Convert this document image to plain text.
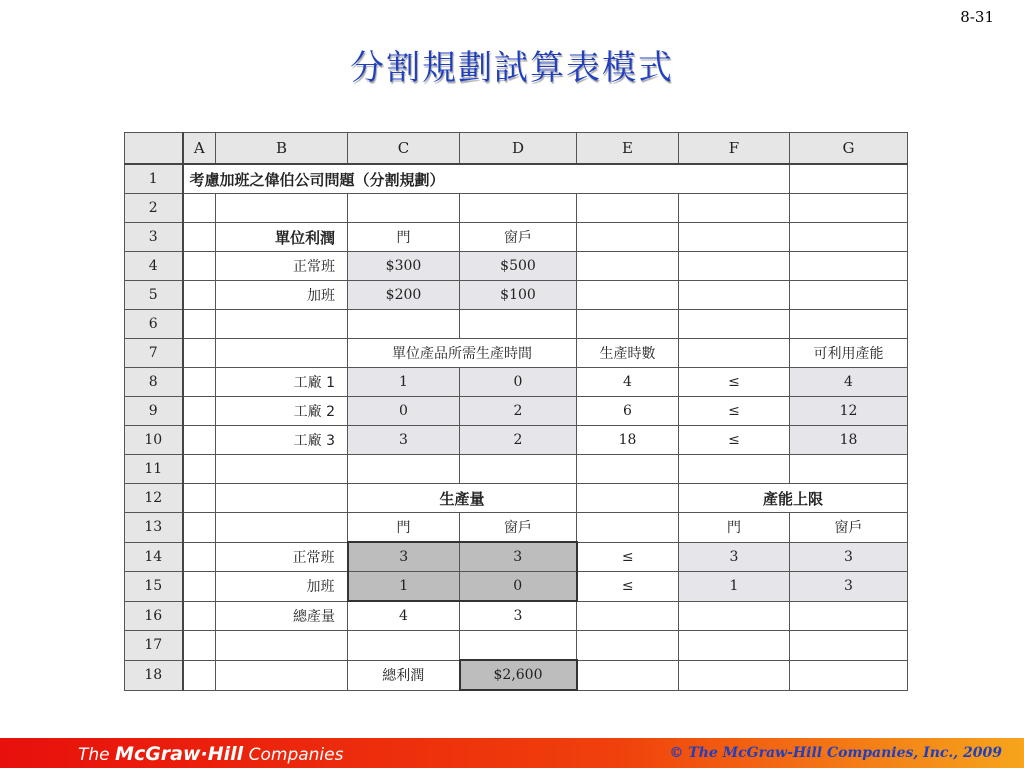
8-31
分割規劃試算表模式
	A	B	C	D	E	F	G
1	考慮加班之偉伯公司問題（分割規劃）						
2							
3		單位利潤	門	窗戶			
4		正常班	$300	$500			
5		加班	$200	$100			
6							
7			單位產品所需生產時間		生產時數		可利用產能
8		工廠 1	1	0	4	≤	4
9		工廠 2	0	2	6	≤	12
10		工廠 3	3	2	18	≤	18
11							
12			生產量			產能上限	
13			門	窗戶		門	窗戶
14		正常班	3	3	≤	3	3
15		加班	1	0	≤	1	3
16		總產量	4	3			
17							
18			總利潤	$2,600			
The McGraw·Hill Companies	© The McGraw-Hill Companies, Inc., 2009
